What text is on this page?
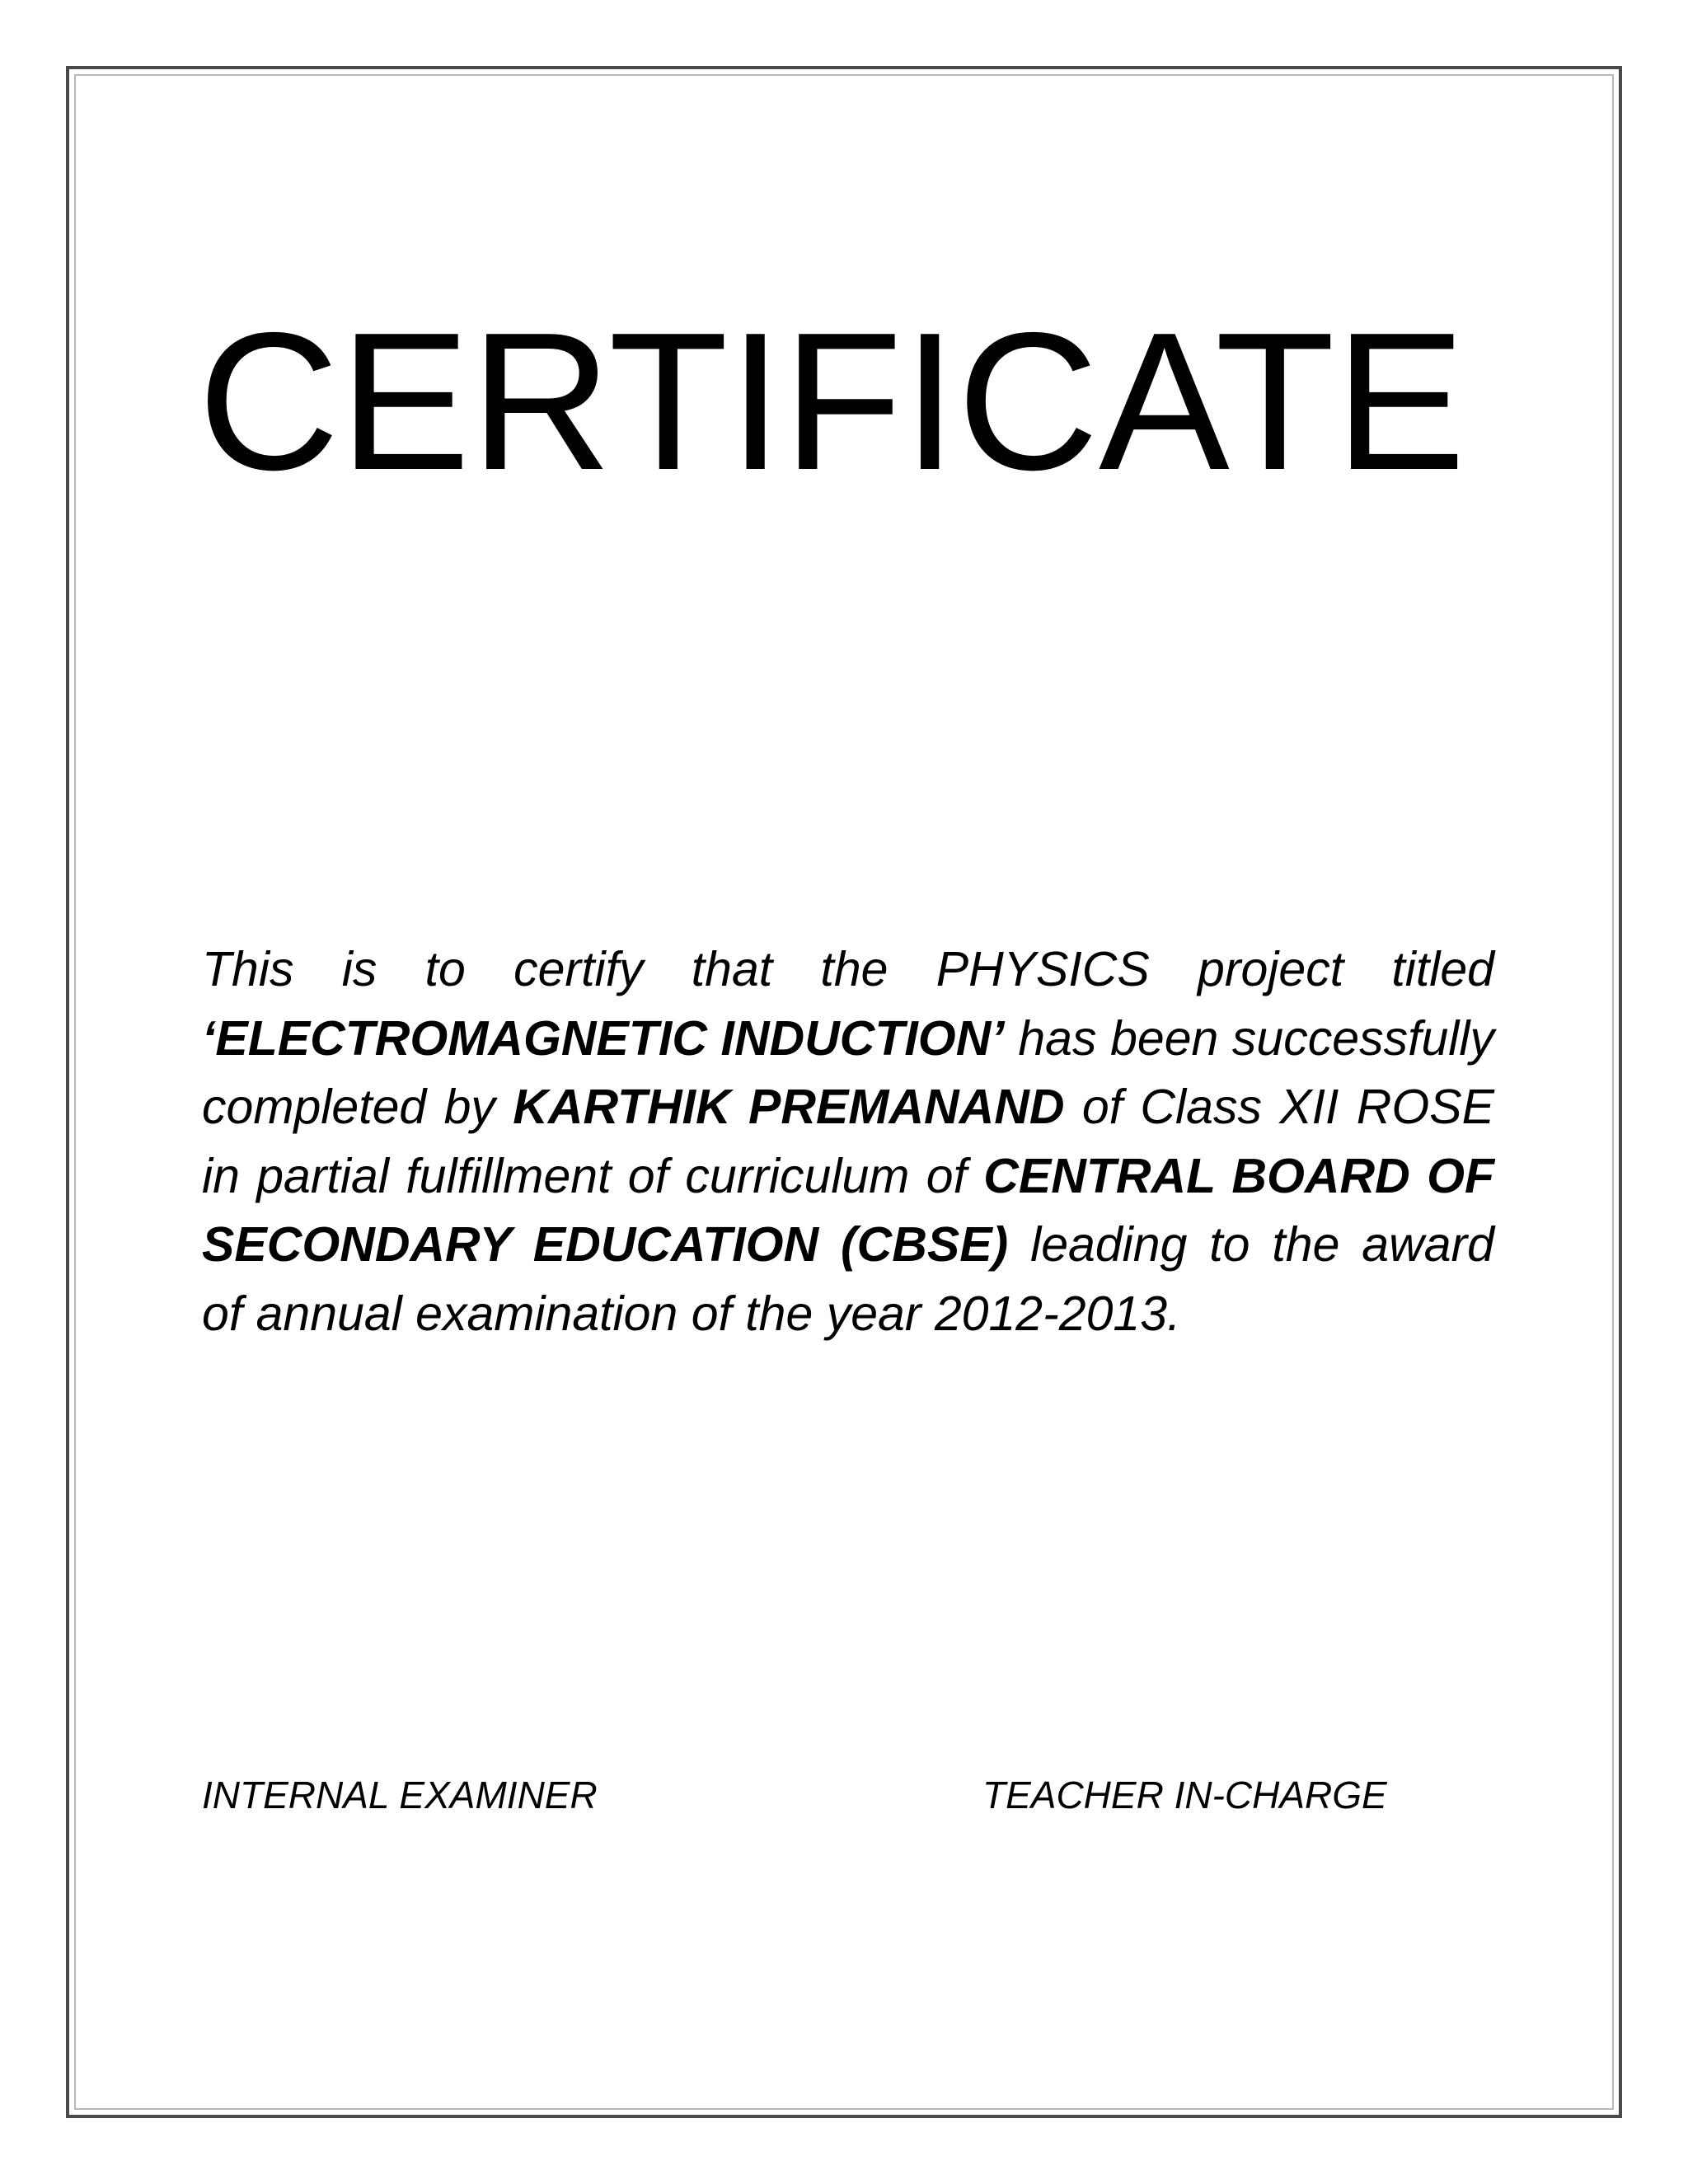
CERTIFICATE

This is to certify that the PHYSICS project titled ‘ELECTROMAGNETIC INDUCTION’ has been successfully completed by KARTHIK PREMANAND of Class XII ROSE in partial fulfillment of curriculum of CENTRAL BOARD OF SECONDARY EDUCATION (CBSE) leading to the award of annual examination of the year 2012-2013.

INTERNAL EXAMINER	TEACHER IN-CHARGE
